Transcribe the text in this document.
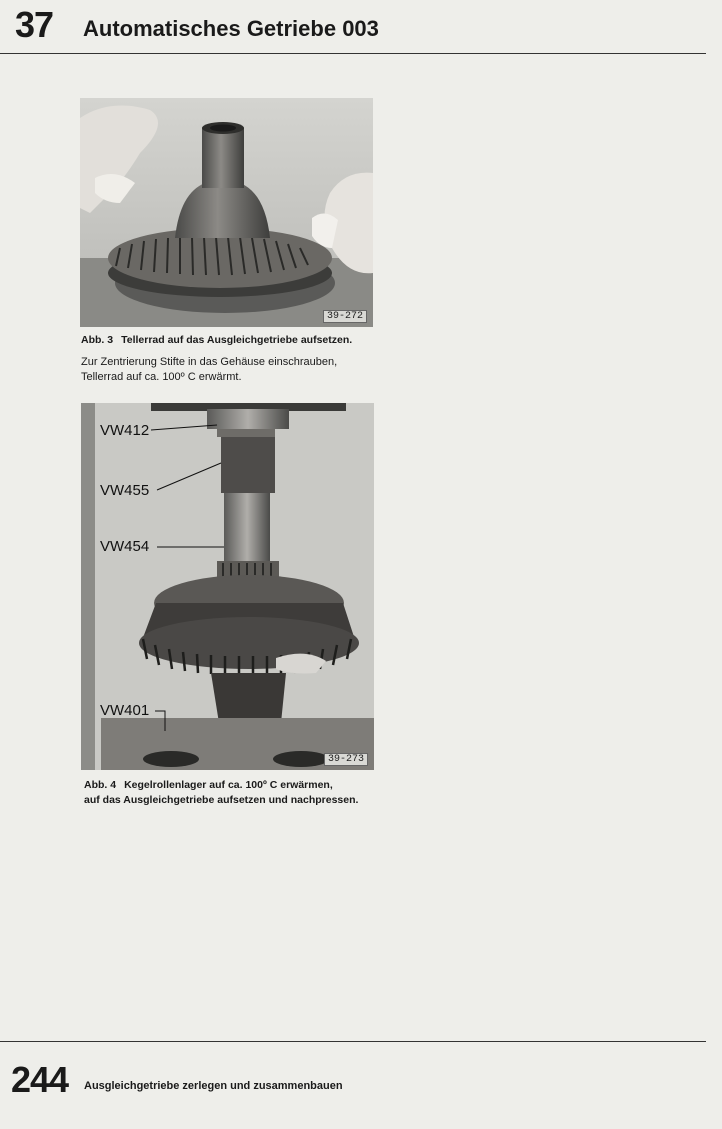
37 Automatisches Getriebe 003
39-272
Abb. 3 Tellerrad auf das Ausgleichgetriebe aufsetzen.
Zur Zentrierung Stifte in das Gehäuse einschrauben,
Tellerrad auf ca. 100º C erwärmt.
VW412
VW455
VW454
VW401
39-273
Abb. 4 Kegelrollenlager auf ca. 100º C erwärmen,
auf das Ausgleichgetriebe aufsetzen und nachpressen.
244 Ausgleichgetriebe zerlegen und zusammenbauen
